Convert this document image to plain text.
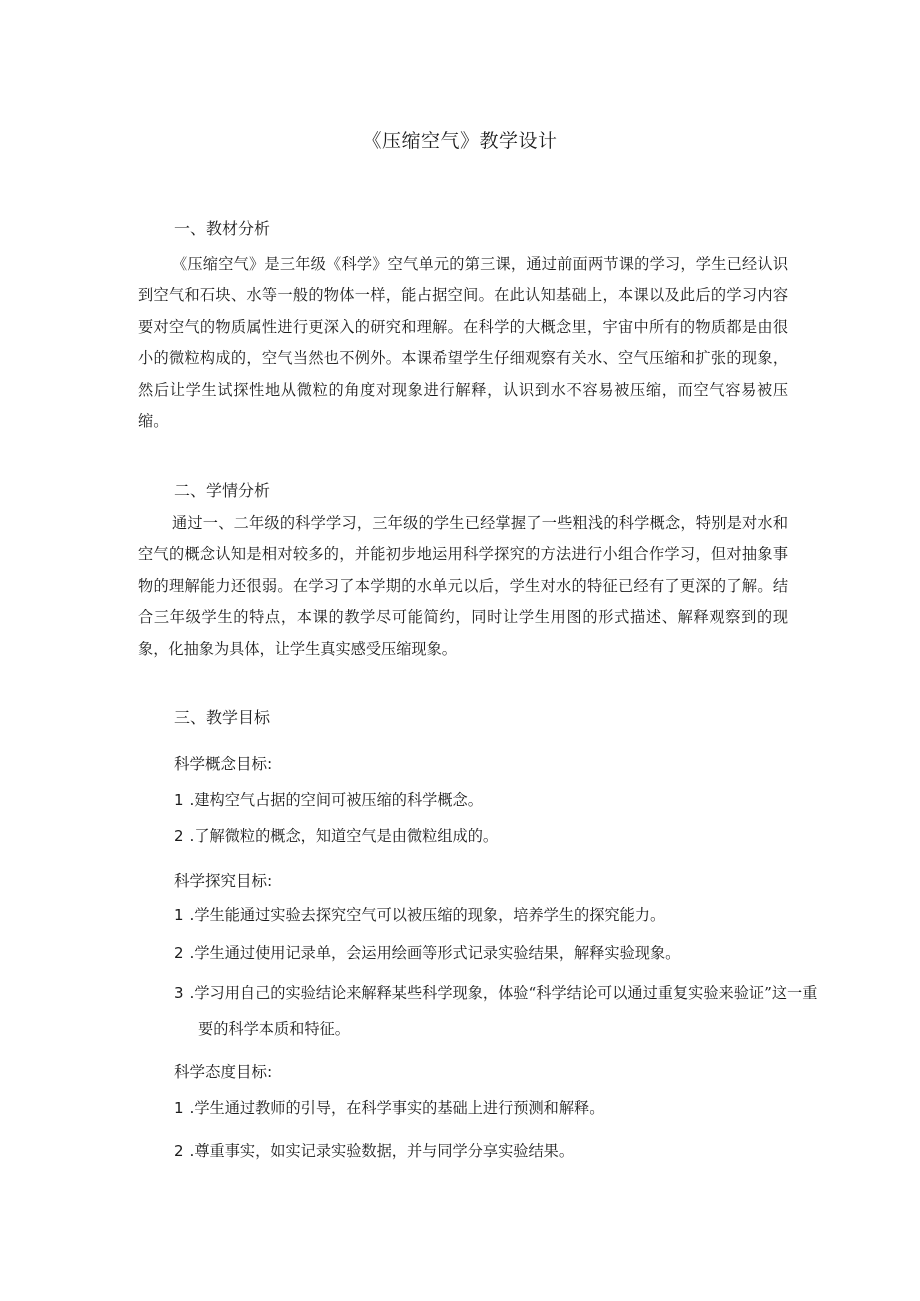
《压缩空气》教学设计
一、教材分析
《压缩空气》是三年级《科学》空气单元的第三课，通过前面两节课的学习，学生已经认识到空气和石块、水等一般的物体一样，能占据空间。在此认知基础上，本课以及此后的学习内容要对空气的物质属性进行更深入的研究和理解。在科学的大概念里，宇宙中所有的物质都是由很小的微粒构成的，空气当然也不例外。本课希望学生仔细观察有关水、空气压缩和扩张的现象，然后让学生试探性地从微粒的角度对现象进行解释，认识到水不容易被压缩，而空气容易被压缩。
二、学情分析
通过一、二年级的科学学习，三年级的学生已经掌握了一些粗浅的科学概念，特别是对水和空气的概念认知是相对较多的，并能初步地运用科学探究的方法进行小组合作学习，但对抽象事物的理解能力还很弱。在学习了本学期的水单元以后，学生对水的特征已经有了更深的了解。结合三年级学生的特点，本课的教学尽可能简约，同时让学生用图的形式描述、解释观察到的现象，化抽象为具体，让学生真实感受压缩现象。
三、教学目标
科学概念目标:
1 .建构空气占据的空间可被压缩的科学概念。
2 .了解微粒的概念，知道空气是由微粒组成的。
科学探究目标:
1 .学生能通过实验去探究空气可以被压缩的现象，培养学生的探究能力。
2 .学生通过使用记录单，会运用绘画等形式记录实验结果，解释实验现象。
3 .学习用自己的实验结论来解释某些科学现象，体验“科学结论可以通过重复实验来验证”这一重要的科学本质和特征。
科学态度目标:
1 .学生通过教师的引导，在科学事实的基础上进行预测和解释。
2 .尊重事实，如实记录实验数据，并与同学分享实验结果。
